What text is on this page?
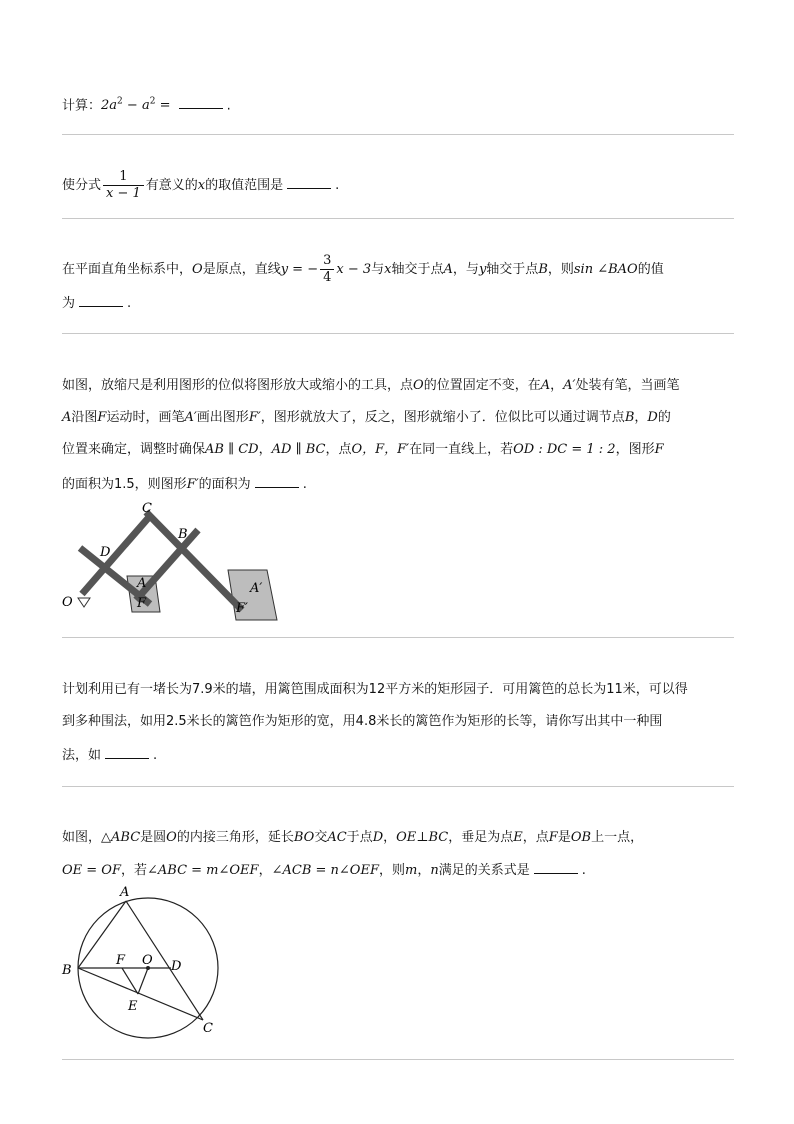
计算：$2a^2 - a^2$ =	.
使分式 $\frac{1}{x - 1}$ 有意义的x的取值范围是	.
在平面直角坐标系中，O是原点，直线y = − $\frac{3}{4}$ x − 3与x轴交于点A，与y轴交于点B，则sin ∠BAO的值
为	.
如图，放缩尺是利用图形的位似将图形放大或缩小的工具，点O的位置固定不变，在A，A′处装有笔，当画笔
A沿图F运动时，画笔A′画出图形F′，图形就放大了，反之，图形就缩小了．位似比可以通过调节点B，D的
位置来确定，调整时确保AB ∥ CD，AD ∥ BC，点O，F，F′在同一直线上，若OD : DC = 1 : 2，图形F
的面积为1.5，则图形F′的面积为	.
C
B
D
A
F
O
A′
F′
计划利用已有一堵长为7.9米的墙，用篱笆围成面积为12平方米的矩形园子．可用篱笆的总长为11米，可以得
到多种围法，如用2.5米长的篱笆作为矩形的宽，用4.8米长的篱笆作为矩形的长等，请你写出其中一种围
法，如	.
如图，△ABC是圆O的内接三角形，延长BO交AC于点D，OE⊥BC，垂足为点E，点F是OB上一点，
OE = OF，若∠ABC = m∠OEF，∠ACB = n∠OEF，则m，n满足的关系式是	.
A
B
F O D
E
C
